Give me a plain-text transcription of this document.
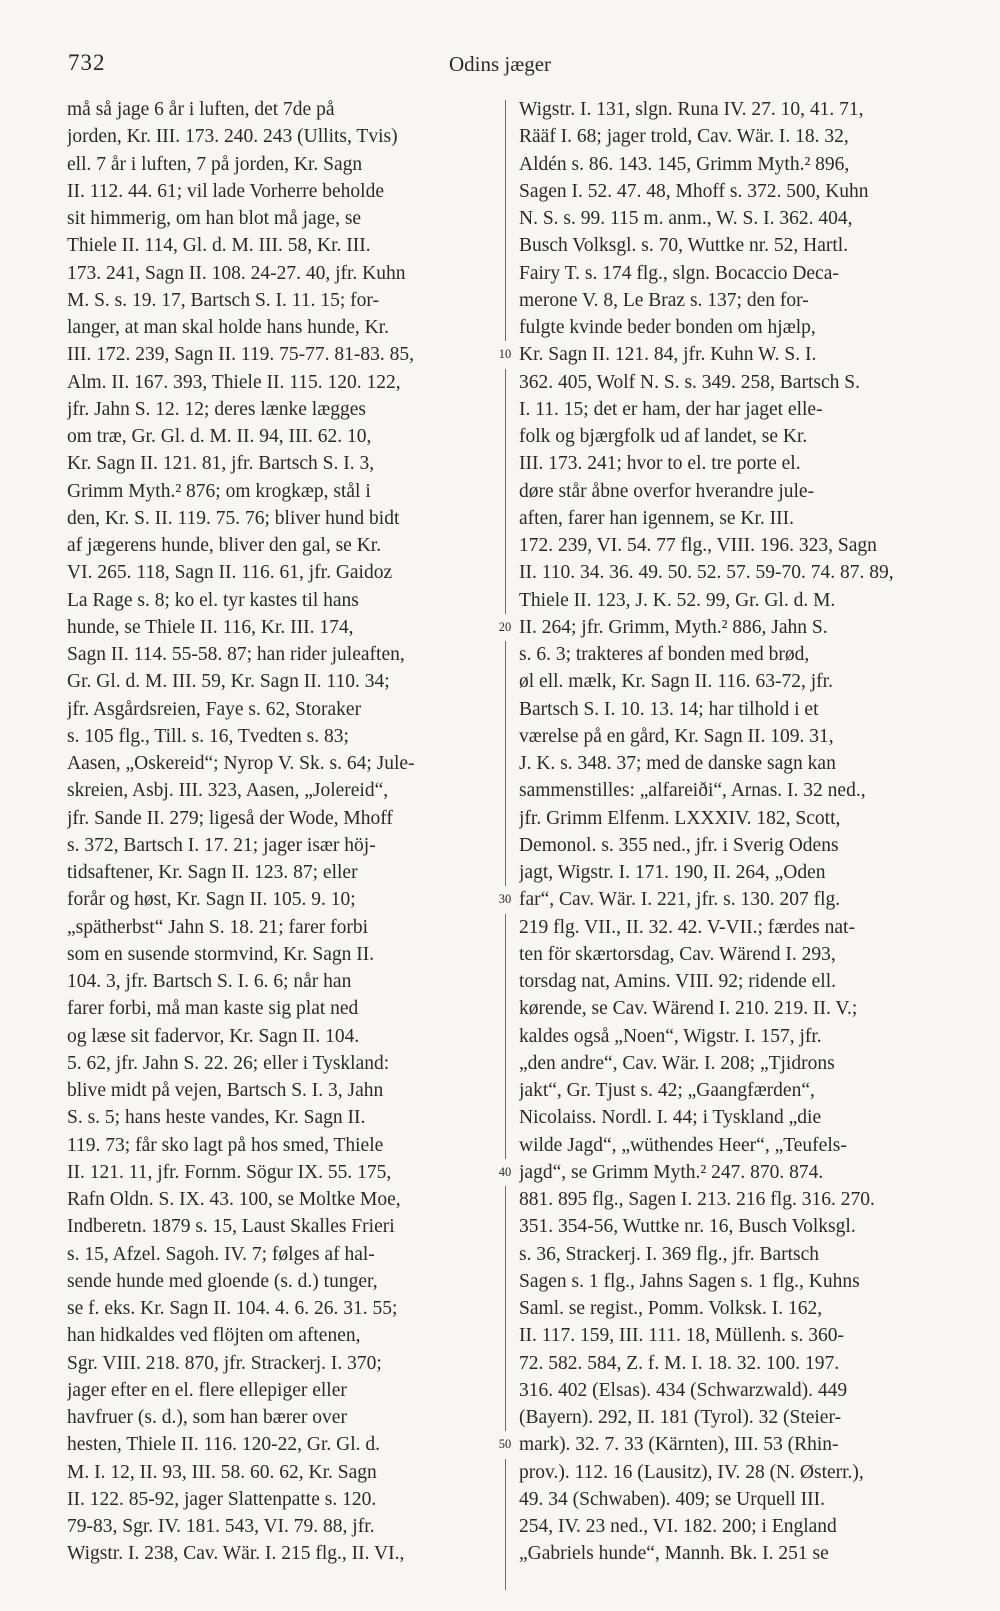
732	Odins jæger
må så jage 6 år i luften, det 7de på
jorden, Kr. III. 173. 240. 243 (Ullits, Tvis)
ell. 7 år i luften, 7 på jorden, Kr. Sagn
II. 112. 44. 61; vil lade Vorherre beholde
sit himmerig, om han blot må jage, se
Thiele II. 114, Gl. d. M. III. 58, Kr. III.
173. 241, Sagn II. 108. 24-27. 40, jfr. Kuhn
M. S. s. 19. 17, Bartsch S. I. 11. 15; for-
langer, at man skal holde hans hunde, Kr.
III. 172. 239, Sagn II. 119. 75-77. 81-83. 85,
Alm. II. 167. 393, Thiele II. 115. 120. 122,
jfr. Jahn S. 12. 12; deres lænke lægges
om træ, Gr. Gl. d. M. II. 94, III. 62. 10,
Kr. Sagn II. 121. 81, jfr. Bartsch S. I. 3,
Grimm Myth.² 876; om krogkæp, stål i
den, Kr. S. II. 119. 75. 76; bliver hund bidt
af jægerens hunde, bliver den gal, se Kr.
VI. 265. 118, Sagn II. 116. 61, jfr. Gaidoz
La Rage s. 8; ko el. tyr kastes til hans
hunde, se Thiele II. 116, Kr. III. 174,
Sagn II. 114. 55-58. 87; han rider juleaften,
Gr. Gl. d. M. III. 59, Kr. Sagn II. 110. 34;
jfr. Asgårdsreien, Faye s. 62, Storaker
s. 105 flg., Till. s. 16, Tvedten s. 83;
Aasen, „Oskereid“; Nyrop V. Sk. s. 64; Jule-
skreien, Asbj. III. 323, Aasen, „Jolereid“,
jfr. Sande II. 279; ligeså der Wode, Mhoff
s. 372, Bartsch I. 17. 21; jager især höj-
tidsaftener, Kr. Sagn II. 123. 87; eller
forår og høst, Kr. Sagn II. 105. 9. 10;
„spätherbst“ Jahn S. 18. 21; farer forbi
som en susende stormvind, Kr. Sagn II.
104. 3, jfr. Bartsch S. I. 6. 6; når han
farer forbi, må man kaste sig plat ned
og læse sit fadervor, Kr. Sagn II. 104.
5. 62, jfr. Jahn S. 22. 26; eller i Tyskland:
blive midt på vejen, Bartsch S. I. 3, Jahn
S. s. 5; hans heste vandes, Kr. Sagn II.
119. 73; får sko lagt på hos smed, Thiele
II. 121. 11, jfr. Fornm. Sögur IX. 55. 175,
Rafn Oldn. S. IX. 43. 100, se Moltke Moe,
Indberetn. 1879 s. 15, Laust Skalles Frieri
s. 15, Afzel. Sagoh. IV. 7; følges af hal-
sende hunde med gloende (s. d.) tunger,
se f. eks. Kr. Sagn II. 104. 4. 6. 26. 31. 55;
han hidkaldes ved flöjten om aftenen,
Sgr. VIII. 218. 870, jfr. Strackerj. I. 370;
jager efter en el. flere ellepiger eller
havfruer (s. d.), som han bærer over
hesten, Thiele II. 116. 120-22, Gr. Gl. d.
M. I. 12, II. 93, III. 58. 60. 62, Kr. Sagn
II. 122. 85-92, jager Slattenpatte s. 120.
79-83, Sgr. IV. 181. 543, VI. 79. 88, jfr.
Wigstr. I. 238, Cav. Wär. I. 215 flg., II. VI.,
10
20
30
40
50
Wigstr. I. 131, slgn. Runa IV. 27. 10, 41. 71,
Rääf I. 68; jager trold, Cav. Wär. I. 18. 32,
Aldén s. 86. 143. 145, Grimm Myth.² 896,
Sagen I. 52. 47. 48, Mhoff s. 372. 500, Kuhn
N. S. s. 99. 115 m. anm., W. S. I. 362. 404,
Busch Volksgl. s. 70, Wuttke nr. 52, Hartl.
Fairy T. s. 174 flg., slgn. Bocaccio Deca-
merone V. 8, Le Braz s. 137; den for-
fulgte kvinde beder bonden om hjælp,
Kr. Sagn II. 121. 84, jfr. Kuhn W. S. I.
362. 405, Wolf N. S. s. 349. 258, Bartsch S.
I. 11. 15; det er ham, der har jaget elle-
folk og bjærgfolk ud af landet, se Kr.
III. 173. 241; hvor to el. tre porte el.
døre står åbne overfor hverandre jule-
aften, farer han igennem, se Kr. III.
172. 239, VI. 54. 77 flg., VIII. 196. 323, Sagn
II. 110. 34. 36. 49. 50. 52. 57. 59-70. 74. 87. 89,
Thiele II. 123, J. K. 52. 99, Gr. Gl. d. M.
II. 264; jfr. Grimm, Myth.² 886, Jahn S.
s. 6. 3; trakteres af bonden med brød,
øl ell. mælk, Kr. Sagn II. 116. 63-72, jfr.
Bartsch S. I. 10. 13. 14; har tilhold i et
værelse på en gård, Kr. Sagn II. 109. 31,
J. K. s. 348. 37; med de danske sagn kan
sammenstilles: „alfareiði“, Arnas. I. 32 ned.,
jfr. Grimm Elfenm. LXXXIV. 182, Scott,
Demonol. s. 355 ned., jfr. i Sverig Odens
jagt, Wigstr. I. 171. 190, II. 264, „Oden
far“, Cav. Wär. I. 221, jfr. s. 130. 207 flg.
219 flg. VII., II. 32. 42. V-VII.; færdes nat-
ten för skærtorsdag, Cav. Wärend I. 293,
torsdag nat, Amins. VIII. 92; ridende ell.
kørende, se Cav. Wärend I. 210. 219. II. V.;
kaldes også „Noen“, Wigstr. I. 157, jfr.
„den andre“, Cav. Wär. I. 208; „Tjidrons
jakt“, Gr. Tjust s. 42; „Gaangfærden“,
Nicolaiss. Nordl. I. 44; i Tyskland „die
wilde Jagd“, „wüthendes Heer“, „Teufels-
jagd“, se Grimm Myth.² 247. 870. 874.
881. 895 flg., Sagen I. 213. 216 flg. 316. 270.
351. 354-56, Wuttke nr. 16, Busch Volksgl.
s. 36, Strackerj. I. 369 flg., jfr. Bartsch
Sagen s. 1 flg., Jahns Sagen s. 1 flg., Kuhns
Saml. se regist., Pomm. Volksk. I. 162,
II. 117. 159, III. 111. 18, Müllenh. s. 360-
72. 582. 584, Z. f. M. I. 18. 32. 100. 197.
316. 402 (Elsas). 434 (Schwarzwald). 449
(Bayern). 292, II. 181 (Tyrol). 32 (Steier-
mark). 32. 7. 33 (Kärnten), III. 53 (Rhin-
prov.). 112. 16 (Lausitz), IV. 28 (N. Østerr.),
49. 34 (Schwaben). 409; se Urquell III.
254, IV. 23 ned., VI. 182. 200; i England
„Gabriels hunde“, Mannh. Bk. I. 251 se
